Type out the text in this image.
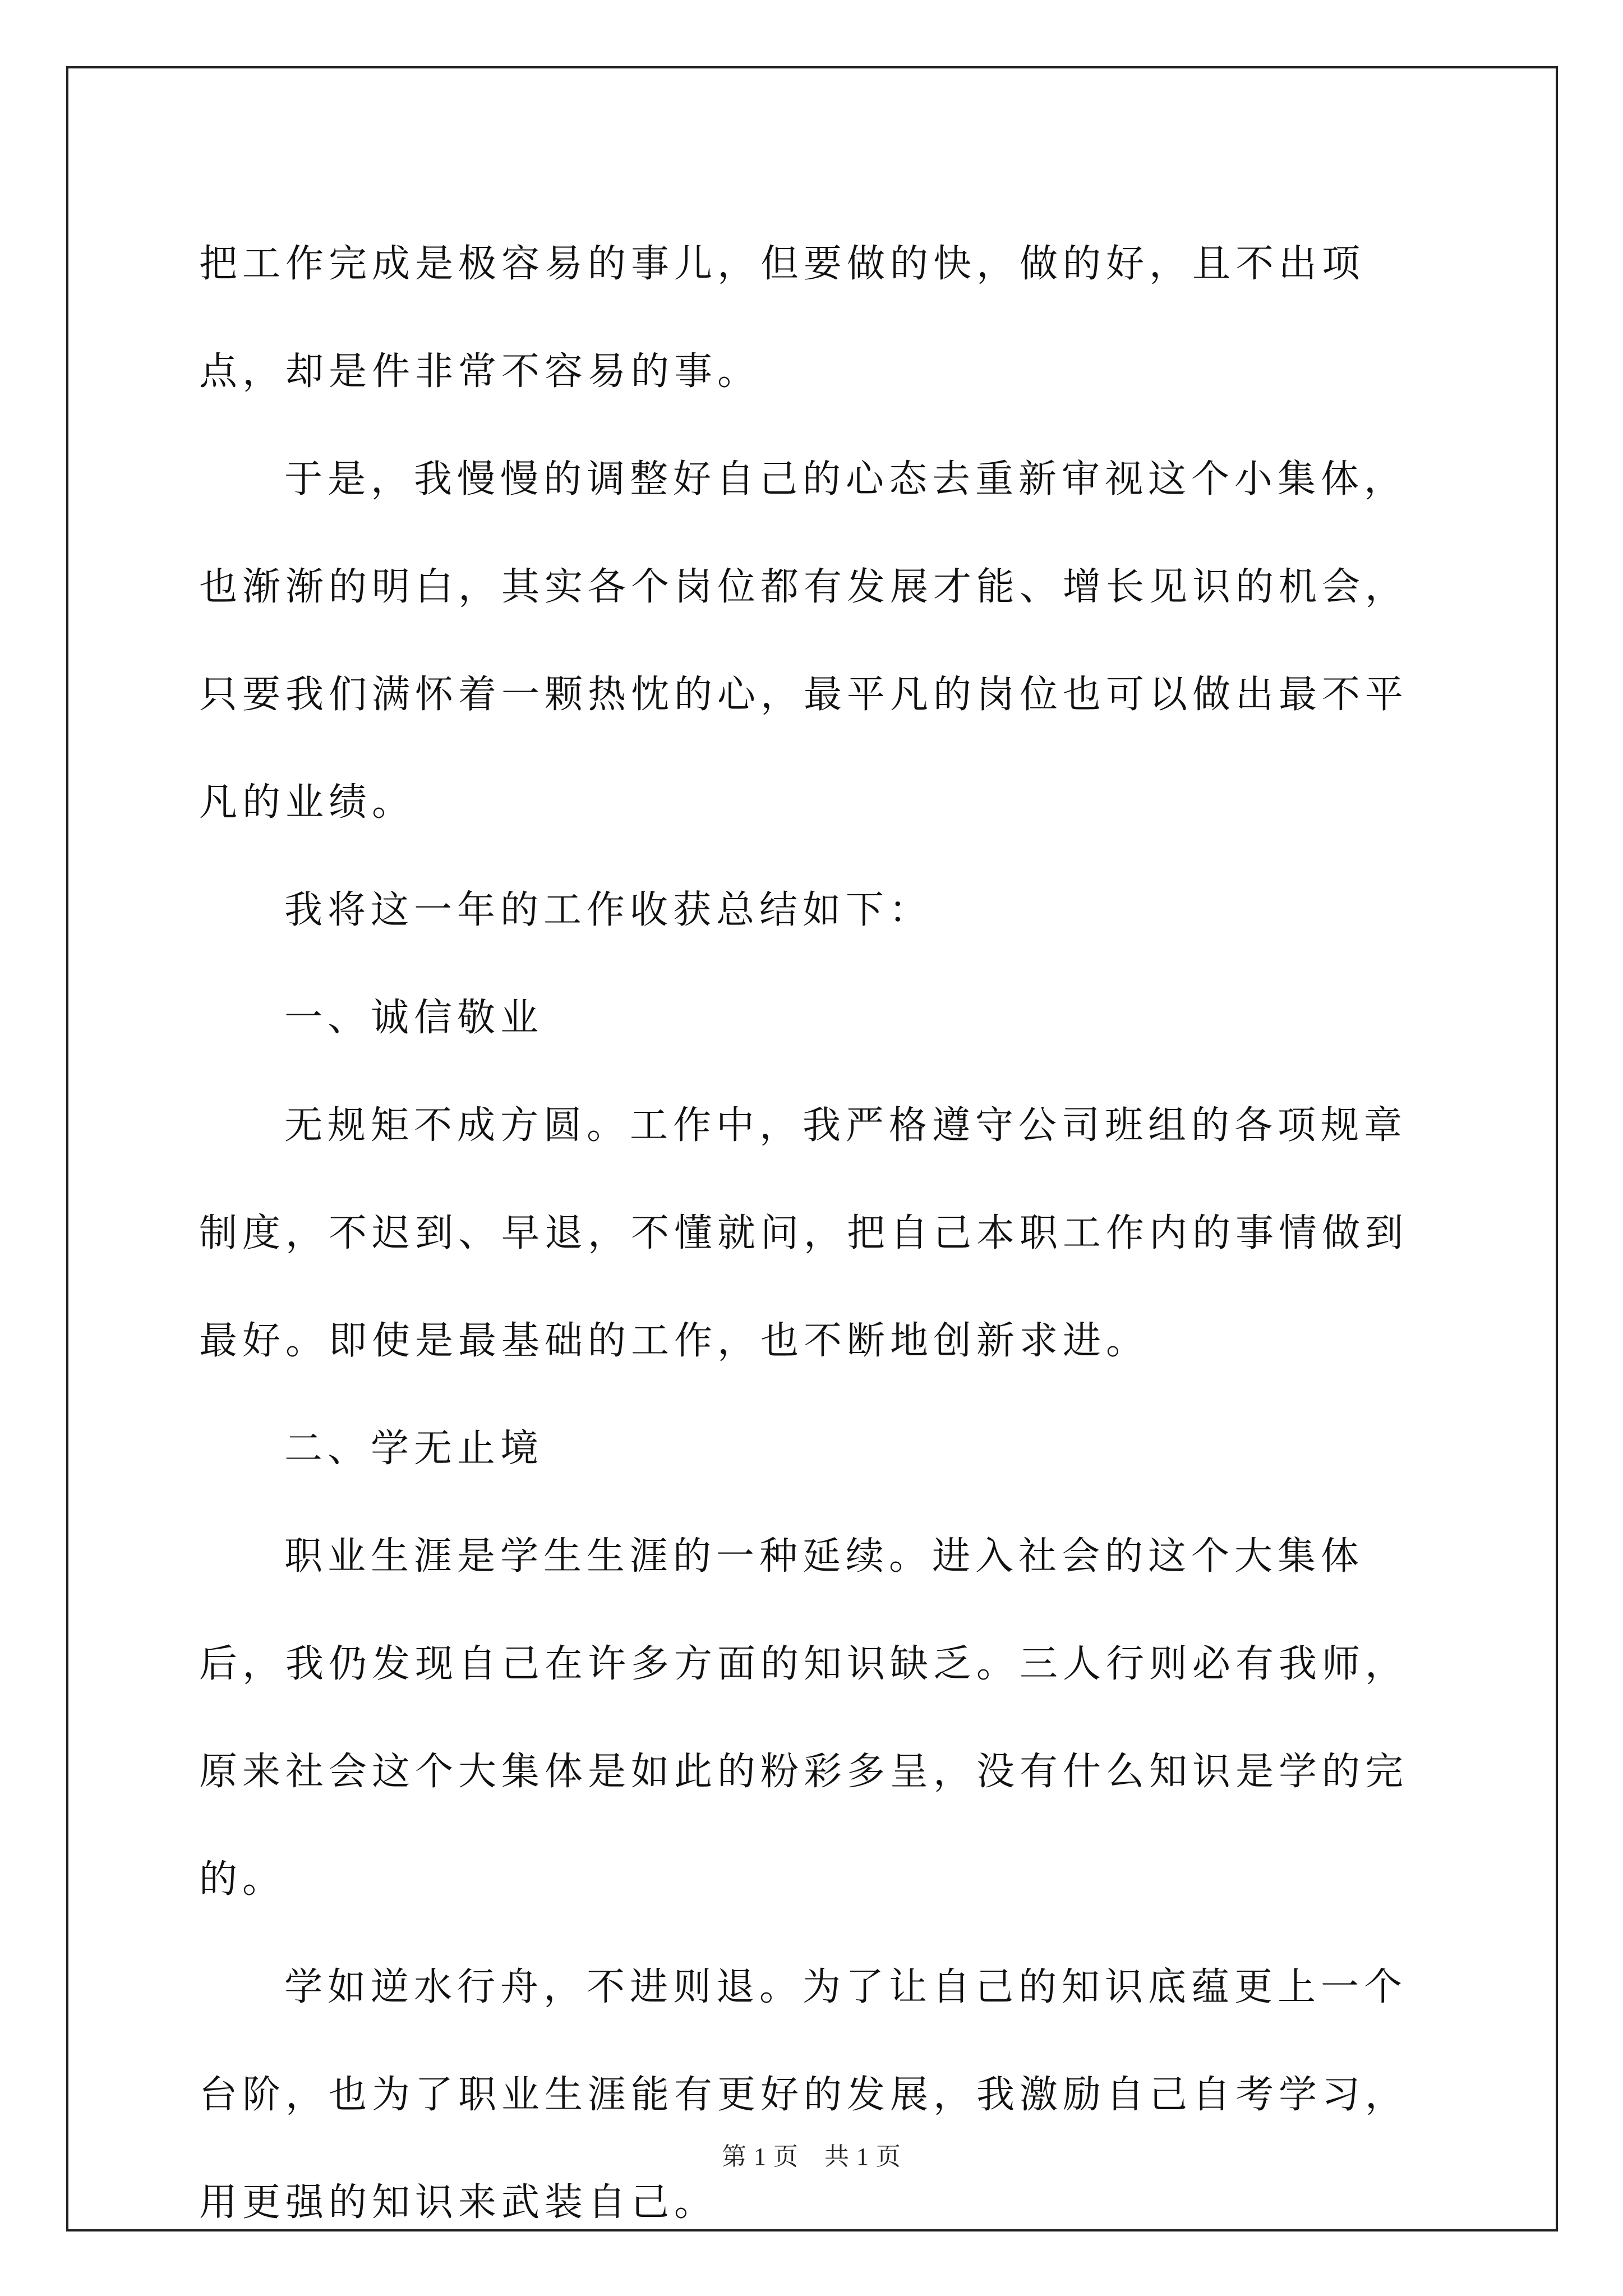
把工作完成是极容易的事儿，但要做的快，做的好，且不出项点，却是件非常不容易的事。

于是，我慢慢的调整好自己的心态去重新审视这个小集体，也渐渐的明白，其实各个岗位都有发展才能、增长见识的机会，只要我们满怀着一颗热忱的心，最平凡的岗位也可以做出最不平凡的业绩。

我将这一年的工作收获总结如下：

一、诚信敬业

无规矩不成方圆。工作中，我严格遵守公司班组的各项规章制度，不迟到、早退，不懂就问，把自己本职工作内的事情做到最好。即使是最基础的工作，也不断地创新求进。

二、学无止境

职业生涯是学生生涯的一种延续。进入社会的这个大集体后，我仍发现自己在许多方面的知识缺乏。三人行则必有我师，原来社会这个大集体是如此的粉彩多呈，没有什么知识是学的完的。

学如逆水行舟，不进则退。为了让自己的知识底蕴更上一个台阶，也为了职业生涯能有更好的发展，我激励自己自考学习，用更强的知识来武装自己。

第 1 页 共 1 页
